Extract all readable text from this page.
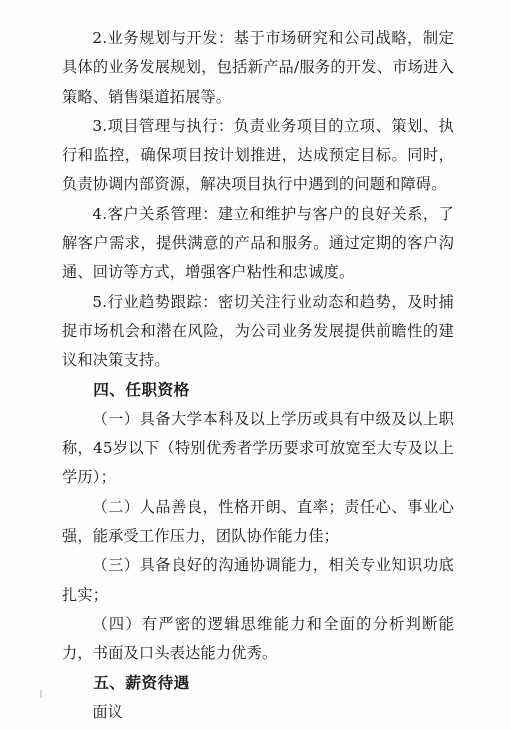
2.业务规划与开发：基于市场研究和公司战略，制定具体的业务发展规划，包括新产品/服务的开发、市场进入策略、销售渠道拓展等。

3.项目管理与执行：负责业务项目的立项、策划、执行和监控，确保项目按计划推进，达成预定目标。同时，负责协调内部资源，解决项目执行中遇到的问题和障碍。

4.客户关系管理：建立和维护与客户的良好关系，了解客户需求，提供满意的产品和服务。通过定期的客户沟通、回访等方式，增强客户粘性和忠诚度。

5.行业趋势跟踪：密切关注行业动态和趋势，及时捕捉市场机会和潜在风险，为公司业务发展提供前瞻性的建议和决策支持。

四、任职资格

（一）具备大学本科及以上学历或具有中级及以上职称，45岁以下（特别优秀者学历要求可放宽至大专及以上学历）；

（二）人品善良，性格开朗、直率；责任心、事业心强，能承受工作压力，团队协作能力佳；

（三）具备良好的沟通协调能力，相关专业知识功底扎实；

（四）有严密的逻辑思维能力和全面的分析判断能力，书面及口头表达能力优秀。

五、薪资待遇

面议
